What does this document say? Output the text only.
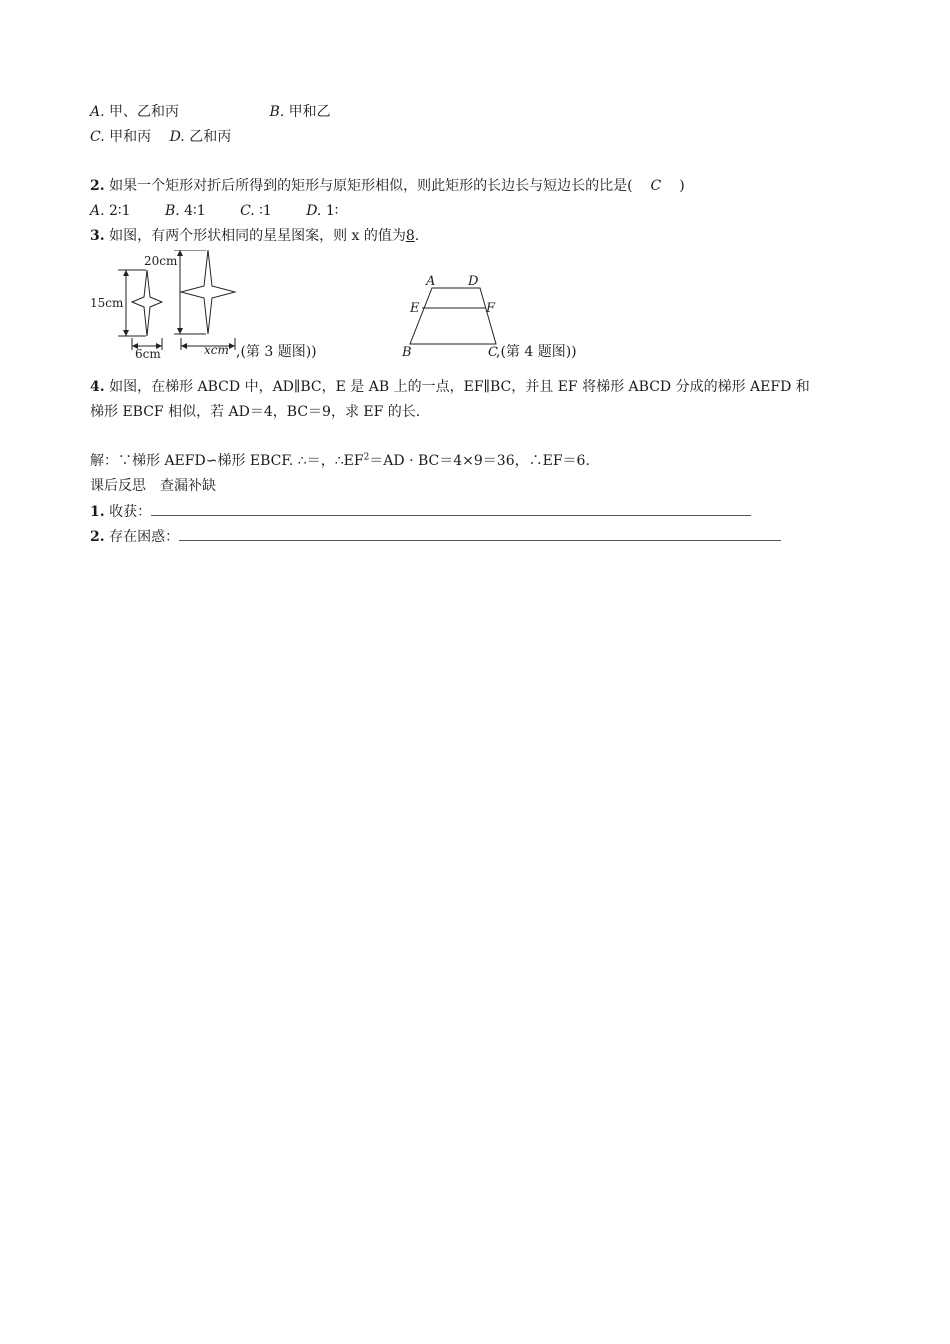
A. 甲、乙和丙	B. 甲和乙
C. 甲和丙 D. 乙和丙
2. 如果一个矩形对折后所得到的矩形与原矩形相似，则此矩形的长边长与短边长的比是( C )
A. 2∶1 B. 4∶1 C. ∶1 D. 1∶
3. 如图，有两个形状相同的星星图案，则 x 的值为8.
20cm
15cm
6cm	xcm ,(第 3 题图))
A	D
E	F
B	C
,(第 4 题图))
4. 如图，在梯形 ABCD 中，AD∥BC，E 是 AB 上的一点，EF∥BC，并且 EF 将梯形 ABCD 分成的梯形 AEFD 和
梯形 EBCF 相似，若 AD＝4，BC＝9，求 EF 的长.
解：∵梯形 AEFD∽梯形 EBCF. ∴＝，$\therefore EF^2=AD \cdot BC=4\times 9=36$，∴EF＝6.
课后反思　查漏补缺
1. 收获：
2. 存在困惑：
